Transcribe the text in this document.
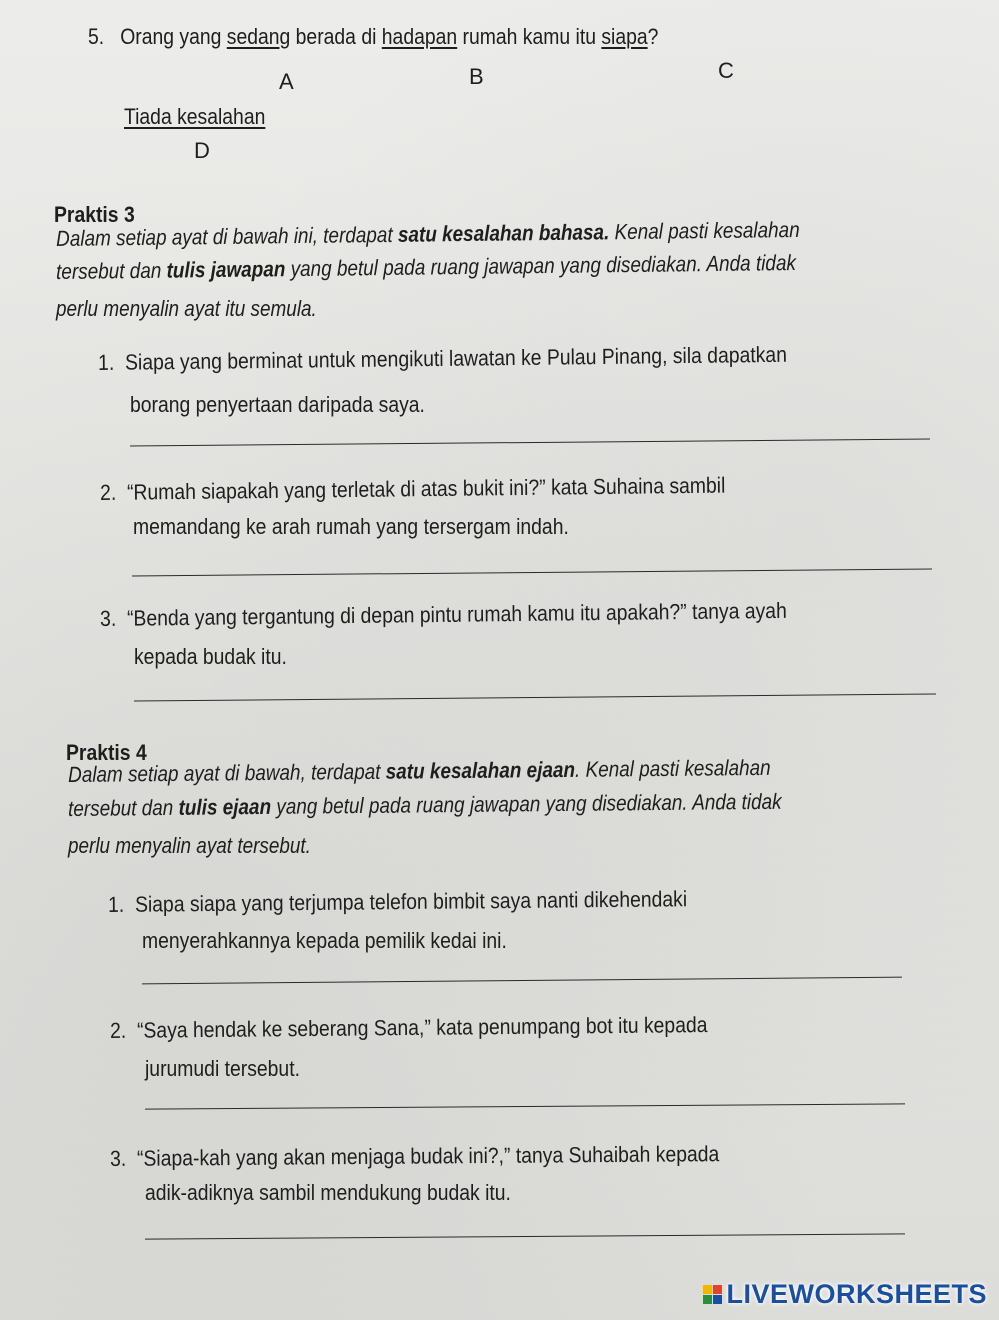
5. Orang yang sedang berada di hadapan rumah kamu itu siapa?
A	B	C
Tiada kesalahan
D
Praktis 3
Dalam setiap ayat di bawah ini, terdapat satu kesalahan bahasa. Kenal pasti kesalahan
tersebut dan tulis jawapan yang betul pada ruang jawapan yang disediakan. Anda tidak
perlu menyalin ayat itu semula.
1. Siapa yang berminat untuk mengikuti lawatan ke Pulau Pinang, sila dapatkan
borang penyertaan daripada saya.
2. “Rumah siapakah yang terletak di atas bukit ini?” kata Suhaina sambil
memandang ke arah rumah yang tersergam indah.
3. “Benda yang tergantung di depan pintu rumah kamu itu apakah?” tanya ayah
kepada budak itu.
Praktis 4
Dalam setiap ayat di bawah, terdapat satu kesalahan ejaan. Kenal pasti kesalahan
tersebut dan tulis ejaan yang betul pada ruang jawapan yang disediakan. Anda tidak
perlu menyalin ayat tersebut.
1. Siapa siapa yang terjumpa telefon bimbit saya nanti dikehendaki
menyerahkannya kepada pemilik kedai ini.
2. “Saya hendak ke seberang Sana,” kata penumpang bot itu kepada
jurumudi tersebut.
3. “Siapa-kah yang akan menjaga budak ini?,” tanya Suhaibah kepada
adik-adiknya sambil mendukung budak itu.
LIVEWORKSHEETS
